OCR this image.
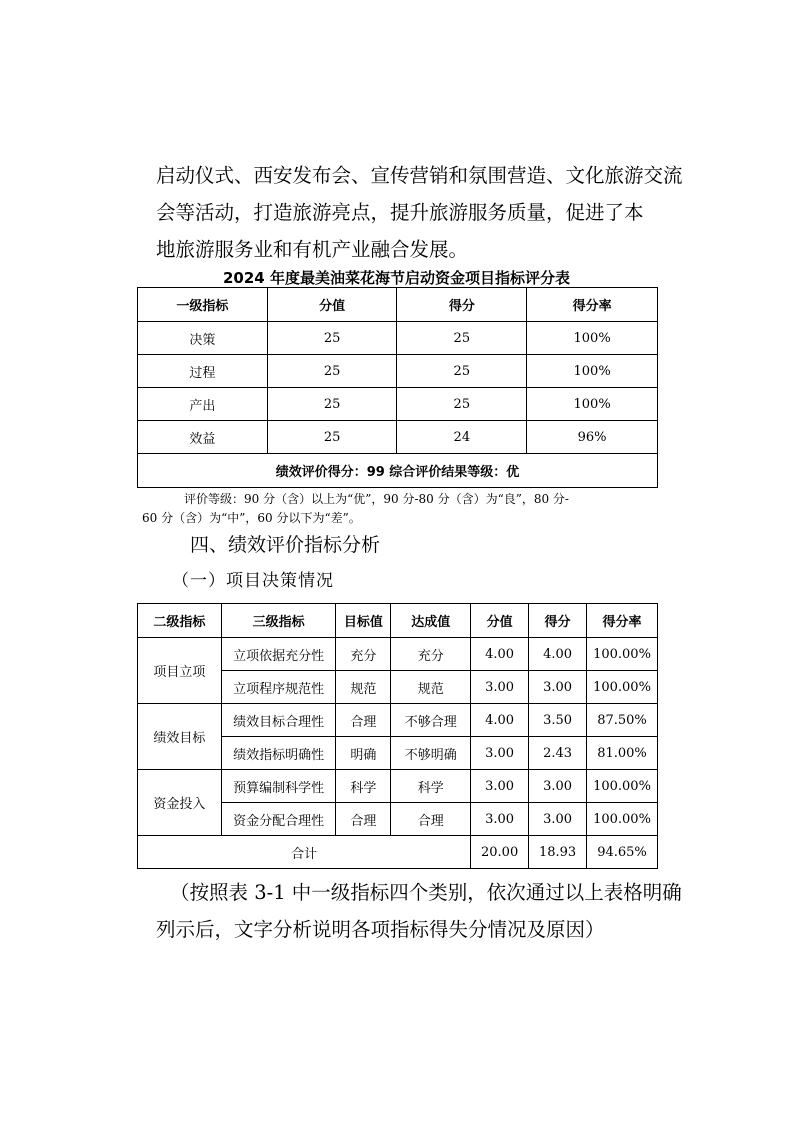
启动仪式、西安发布会、宣传营销和氛围营造、文化旅游交流
会等活动，打造旅游亮点，提升旅游服务质量，促进了本
地旅游服务业和有机产业融合发展。
2024 年度最美油菜花海节启动资金项目指标评分表
一级指标	分值	得分	得分率
决策	25	25	100%
过程	25	25	100%
产出	25	25	100%
效益	25	24	96%
绩效评价得分：99 综合评价结果等级：优			
评价等级：90 分（含）以上为“优”，90 分-80 分（含）为“良”，80 分-
60 分（含）为“中”，60 分以下为“差”。
四、绩效评价指标分析
（一）项目决策情况
二级指标	三级指标	目标值	达成值	分值	得分	得分率
项目立项	立项依据充分性	充分	充分	4.00	4.00	100.00%
	立项程序规范性	规范	规范	3.00	3.00	100.00%
绩效目标	绩效目标合理性	合理	不够合理	4.00	3.50	87.50%
	绩效指标明确性	明确	不够明确	3.00	2.43	81.00%
资金投入	预算编制科学性	科学	科学	3.00	3.00	100.00%
	资金分配合理性	合理	合理	3.00	3.00	100.00%
合计				20.00	18.93	94.65%
（按照表 3-1 中一级指标四个类别，依次通过以上表格明确
列示后，文字分析说明各项指标得失分情况及原因）
